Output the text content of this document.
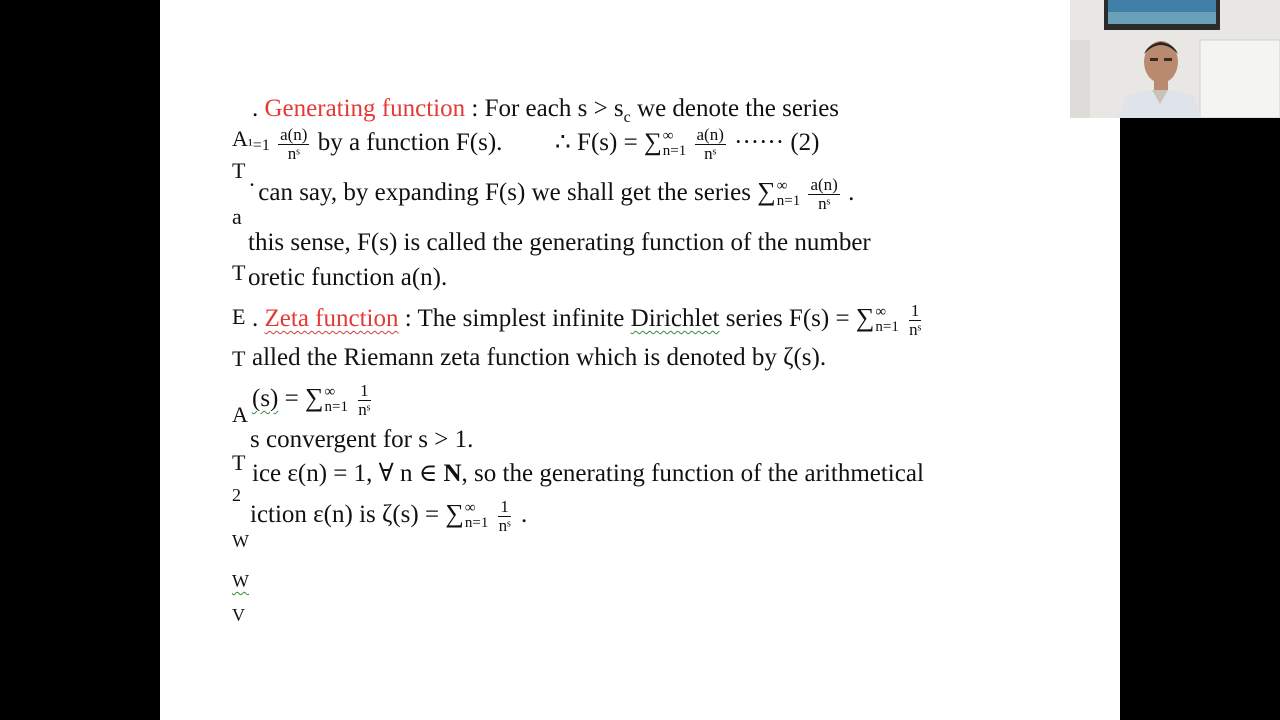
A
T
a
T
E
T
A
T
2
W
W
V
. Generating function : For each $s > s_c$ we denote the series
$^1=1 \frac{a(n)}{\text{nˢ}}$ by a function F(s). ∴ F(s) = ∑ ∞
n=1
$\frac{a(n)}{\text{nˢ}}$ ······ (2)
̇ can say, by expanding F(s) we shall get the series ∑ ∞
n=1
$\frac{a(n)}{\text{nˢ}}$ .
this sense, F(s) is called the generating function of the number
oretic function a(n).
. Zeta function : The simplest infinite Dirichlet series F(s) = ∑ ∞
n=1
$\frac{1}{\text{nˢ}}$
alled the Riemann zeta function which is denoted by ζ(s).
(s) = ∑ ∞
n=1
$\frac{1}{\text{nˢ}}$
s convergent for s > 1.
ice ε(n) = 1, ∀ n ∈ N, so the generating function of the arithmetical
iction ε(n) is ζ(s) = ∑ ∞
n=1
$\frac{1}{\text{nˢ}}$ .
